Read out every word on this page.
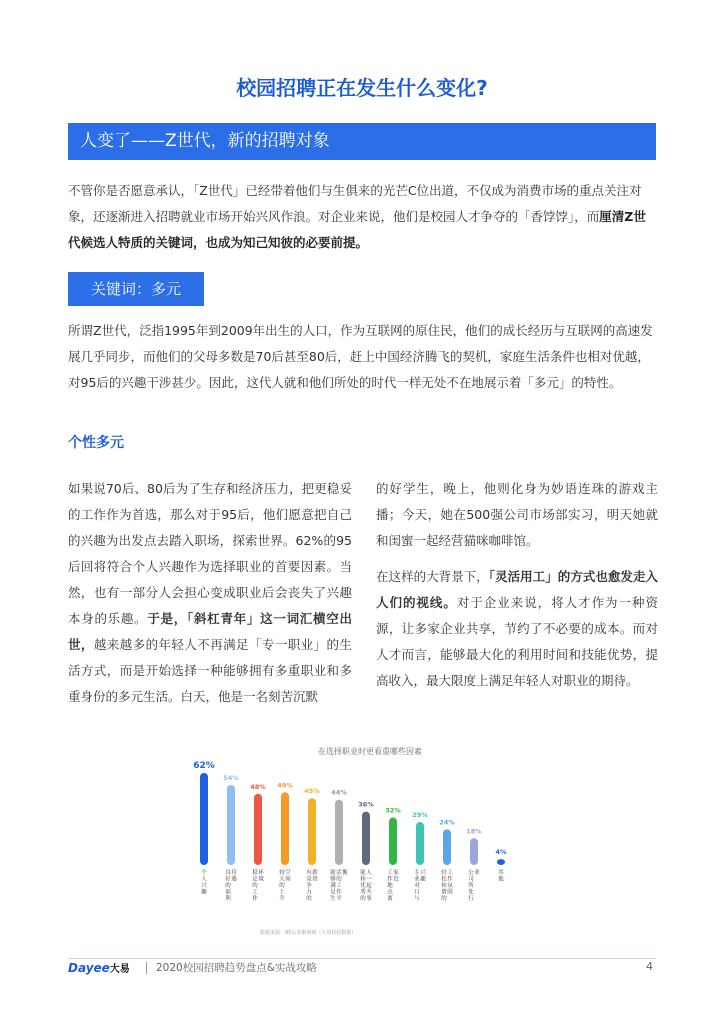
校园招聘正在发生什么变化?
人变了——Z世代，新的招聘对象

不管你是否愿意承认，「Z世代」已经带着他们与生俱来的光芒C位出道，不仅成为消费市场的重点关注对象，还逐渐进入招聘就业市场开始兴风作浪。对企业来说，他们是校园人才争夺的「香饽饽」，而厘清Z世代候选人特质的关键词，也成为知己知彼的必要前提。

关键词：多元

所谓Z世代，泛指1995年到2009年出生的人口，作为互联网的原住民，他们的成长经历与互联网的高速发展几乎同步，而他们的父母多数是70后甚至80后，赶上中国经济腾飞的契机，家庭生活条件也相对优越，对95后的兴趣干涉甚少。因此，这代人就和他们所处的时代一样无处不在地展示着「多元」的特性。

个性多元

如果说70后、80后为了生存和经济压力，把更稳妥的工作作为首选，那么对于95后，他们愿意把自己的兴趣为出发点去踏入职场，探索世界。62%的95后回将符合个人兴趣作为选择职业的首要因素。当然，也有一部分人会担心变成职业后会丧失了兴趣本身的乐趣。于是，「斜杠青年」这一词汇横空出世，越来越多的年轻人不再满足「专一职业」的生活方式，而是开始选择一种能够拥有多重职业和多重身份的多元生活。白天，他是一名刻苦沉默

的好学生，晚上，他则化身为妙语连珠的游戏主播；今天，她在500强公司市场部实习，明天她就和闺蜜一起经营猫咪咖啡馆。

在这样的大背景下，「灵活用工」的方式也愈发走入人们的视线。对于企业来说，将人才作为一种资源，让多家企业共享，节约了不必要的成本。而对人才而言，能够最大化的利用时间和技能优势，提高收入，最大限度上满足年轻人对职业的期待。

在选择职业时更看重哪些因素
62%
个人兴趣
54%
良好的福利待遇
48%
稳定的工作环境
49%
较大的上升空间
45%
有竞争力的薪资
44%
能够满足生活的工作平衡
36%
能和优秀的人一起共事
32%
工作地点离家近
29%
专业对口与兴趣
24%
轻松和谐的工作氛围
18%
公司所处行业
4%
其他
数据来源：95后求职调研（大易校招数据）
Dayee大易 2020校园招聘趋势盘点&实战攻略	4
